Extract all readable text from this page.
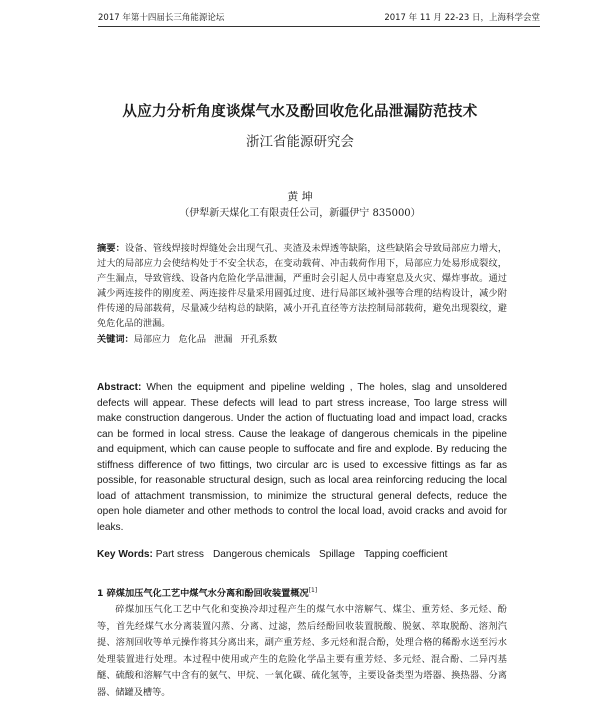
2017 年第十四届长三角能源论坛	2017 年 11 月 22-23 日，上海科学会堂
从应力分析角度谈煤气水及酚回收危化品泄漏防范技术
浙江省能源研究会
黄 坤
（伊犁新天煤化工有限责任公司，新疆伊宁 835000）
摘要：设备、管线焊接时焊缝处会出现气孔、夹渣及未焊透等缺陷，这些缺陷会导致局部应力增大，过大的局部应力会使结构处于不安全状态，在变动载荷、冲击载荷作用下，局部应力处易形成裂纹，产生漏点，导致管线、设备内危险化学品泄漏，严重时会引起人员中毒窒息及火灾、爆炸事故。通过减少两连接件的刚度差、两连接件尽量采用圆弧过度、进行局部区域补强等合理的结构设计，减少附件传递的局部载荷，尽量减少结构总的缺陷，减小开孔直径等方法控制局部载荷，避免出现裂纹，避免危化品的泄漏。
关键词：局部应力 危化品 泄漏 开孔系数
Abstract: When the equipment and pipeline welding , The holes, slag and unsoldered defects will appear. These defects will lead to part stress increase, Too large stress will make construction dangerous. Under the action of fluctuating load and impact load, cracks can be formed in local stress. Cause the leakage of dangerous chemicals in the pipeline and equipment, which can cause people to suffocate and fire and explode. By reducing the stiffness difference of two fittings, two circular arc is used to excessive fittings as far as possible, for reasonable structural design, such as local area reinforcing reducing the local load of attachment transmission, to minimize the structural general defects, reduce the open hole diameter and other methods to control the local load, avoid cracks and avoid for leaks.
Key Words: Part stress Dangerous chemicals Spillage Tapping coefficient
1 碎煤加压气化工艺中煤气水分离和酚回收装置概况[1]
碎煤加压气化工艺中气化和变换冷却过程产生的煤气水中溶解气、煤尘、重芳烃、多元烃、酚等，首先经煤气水分离装置闪蒸、分离、过滤，然后经酚回收装置脱酸、脱氨、萃取脱酚、溶剂汽提、溶剂回收等单元操作将其分离出来，副产重芳烃、多元烃和混合酚，处理合格的稀酚水送至污水处理装置进行处理。本过程中使用或产生的危险化学品主要有重芳烃、多元烃、混合酚、二异丙基醚、硫酸和溶解气中含有的氨气、甲烷、一氧化碳、硫化氢等，主要设备类型为塔器、换热器、分离器、储罐及槽等。
